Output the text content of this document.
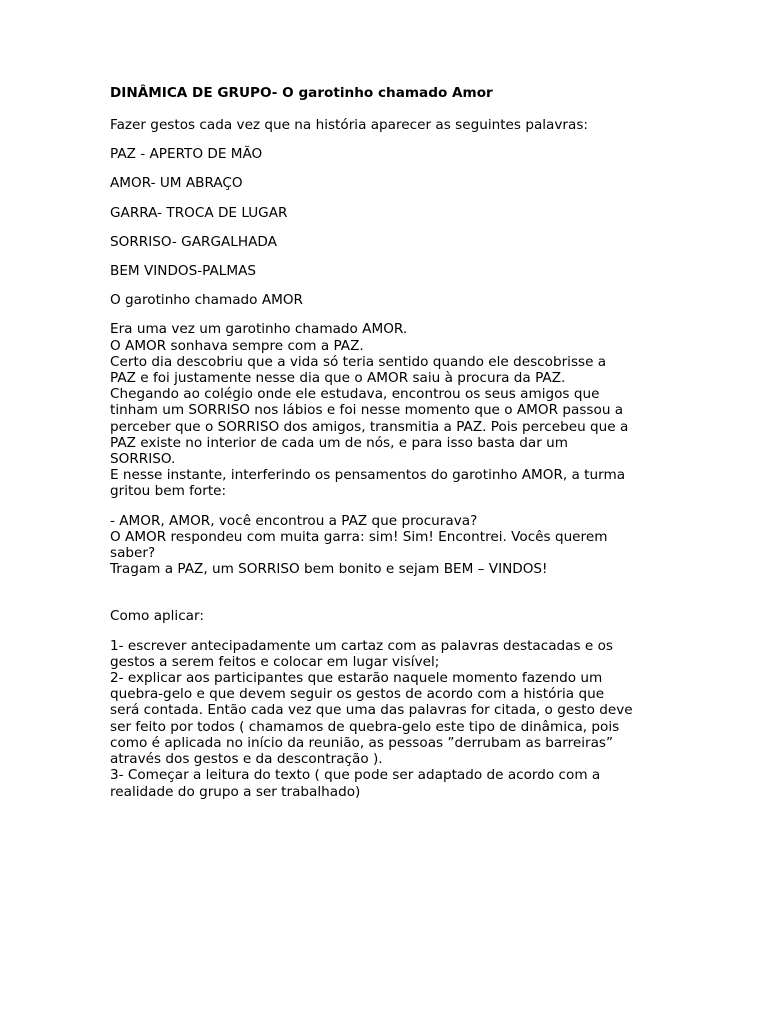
DINÂMICA DE GRUPO- O garotinho chamado Amor
Fazer gestos cada vez que na história aparecer as seguintes palavras:
PAZ - APERTO DE MÃO
AMOR- UM ABRAÇO
GARRA- TROCA DE LUGAR
SORRISO- GARGALHADA
BEM VINDOS-PALMAS
O garotinho chamado AMOR
Era uma vez um garotinho chamado AMOR.
O AMOR sonhava sempre com a PAZ.
Certo dia descobriu que a vida só teria sentido quando ele descobrisse a
PAZ e foi justamente nesse dia que o AMOR saiu à procura da PAZ.
Chegando ao colégio onde ele estudava, encontrou os seus amigos que
tinham um SORRISO nos lábios e foi nesse momento que o AMOR passou a
perceber que o SORRISO dos amigos, transmitia a PAZ. Pois percebeu que a
PAZ existe no interior de cada um de nós, e para isso basta dar um
SORRISO.
E nesse instante, interferindo os pensamentos do garotinho AMOR, a turma
gritou bem forte:
- AMOR, AMOR, você encontrou a PAZ que procurava?
O AMOR respondeu com muita garra: sim! Sim! Encontrei. Vocês querem
saber?
Tragam a PAZ, um SORRISO bem bonito e sejam BEM – VINDOS!
Como aplicar:
1- escrever antecipadamente um cartaz com as palavras destacadas e os
gestos a serem feitos e colocar em lugar visível;
2- explicar aos participantes que estarão naquele momento fazendo um
quebra-gelo e que devem seguir os gestos de acordo com a história que
será contada. Então cada vez que uma das palavras for citada, o gesto deve
ser feito por todos ( chamamos de quebra-gelo este tipo de dinâmica, pois
como é aplicada no início da reunião, as pessoas ”derrubam as barreiras”
através dos gestos e da descontração ).
3- Começar a leitura do texto ( que pode ser adaptado de acordo com a
realidade do grupo a ser trabalhado)
